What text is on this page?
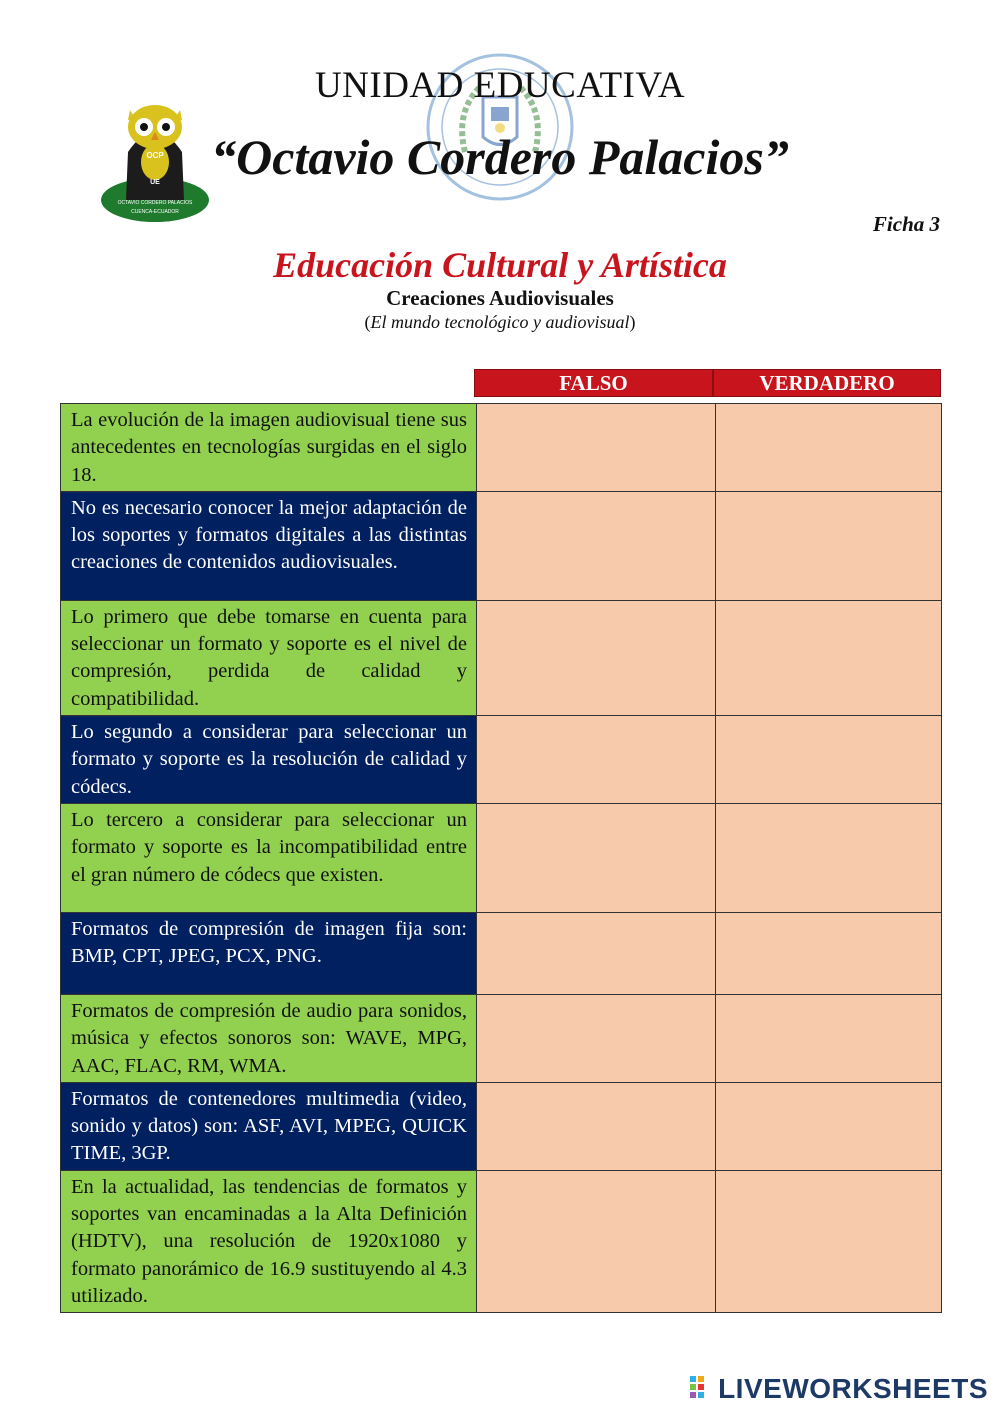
OCP
UE
OCTAVIO CORDERO PALACIOS
CUENCA-ECUADOR
UNIDAD EDUCATIVA
“Octavio Cordero Palacios”
Ficha 3
Educación Cultural y Artística
Creaciones Audiovisuales
(El mundo tecnológico y audiovisual)
FALSO	VERDADERO
La evolución de la imagen audiovisual tiene sus antecedentes en tecnologías surgidas en el siglo 18.		
No es necesario conocer la mejor adaptación de los soportes y formatos digitales a las distintas creaciones de contenidos audiovisuales.		
Lo primero que debe tomarse en cuenta para seleccionar un formato y soporte es el nivel de compresión, perdida de calidad y compatibilidad.		
Lo segundo a considerar para seleccionar un formato y soporte es la resolución de calidad y códecs.		
Lo tercero a considerar para seleccionar un formato y soporte es la incompatibilidad entre el gran número de códecs que existen.		
Formatos de compresión de imagen fija son: BMP, CPT, JPEG, PCX, PNG.		
Formatos de compresión de audio para sonidos, música y efectos sonoros son: WAVE, MPG, AAC, FLAC, RM, WMA.		
Formatos de contenedores multimedia (video, sonido y datos) son: ASF, AVI, MPEG, QUICK TIME, 3GP.		
En la actualidad, las tendencias de formatos y soportes van encaminadas a la Alta Definición (HDTV), una resolución de 1920x1080 y formato panorámico de 16.9 sustituyendo al 4.3 utilizado.		
LIVEWORKSHEETS
